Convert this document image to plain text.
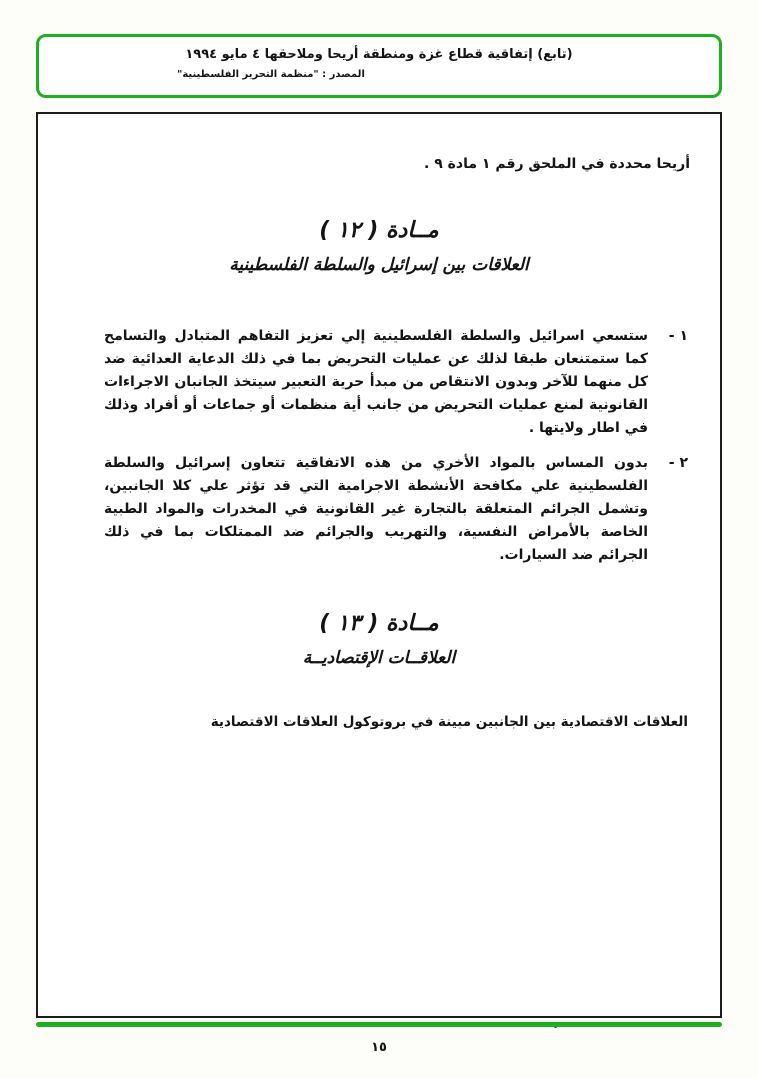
(تابع) إتفاقية قطاع غزة ومنطقة أريحا وملاحقها ٤ مايو ١٩٩٤
المصدر : "منظمة التحرير الفلسطينية"
أريحا محددة في الملحق رقم ١ مادة ٩ .
مــادة ( ١٢ )
العلاقات بين إسرائيل والسلطة الفلسطينية
١ -
ستسعي اسرائيل والسلطة الفلسطينية إلي تعزيز التفاهم المتبادل والتسامح كما ستمتنعان طبقا لذلك عن عمليات التحريض بما في ذلك الدعاية العدائية ضد كل منهما للآخر وبدون الانتقاص من مبدأ حرية التعبير سيتخذ الجانبان الاجراءات القانونية لمنع عمليات التحريض من جانب أية منظمات أو جماعات أو أفراد وذلك في اطار ولايتها .
٢ -
بدون المساس بالمواد الأخري من هذه الاتفاقية تتعاون إسرائيل والسلطة الفلسطينية علي مكافحة الأنشطة الاجرامية التي قد تؤثر علي كلا الجانبين، وتشمل الجرائم المتعلقة بالتجارة غير القانونية في المخدرات والمواد الطبية الخاصة بالأمراض النفسية، والتهريب والجرائم ضد الممتلكات بما في ذلك الجرائم ضد السيارات.
مــادة ( ١٣ )
العلاقــات الإقتصاديــة
العلاقات الاقتصادية بين الجانبين مبينة في بروتوكول العلاقات الاقتصادية
١٥
